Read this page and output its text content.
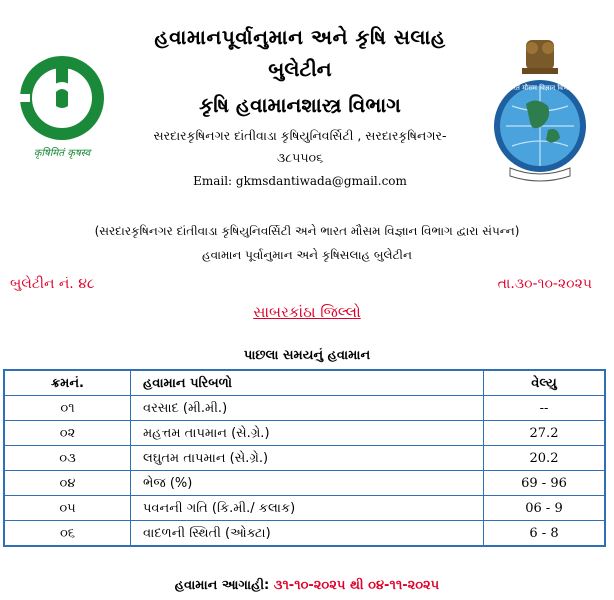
कृषिमितं कृषस्व
હવામાનપૂર્વાનુમાન અને કૃષિ સલાહ
બુલેટીન
કૃષિ હવામાનશાસ્ત્ર વિભાગ
સરદારકૃષિનગર દાંતીવાડા કૃષિયુનિવર્સિટી , સરદારકૃષિનગર-
૩૮૫૫૦૬
Email: gkmsdantiwada@gmail.com
भारत मौसम विज्ञान विभाग
(સરદારકૃષિનગર દાંતીવાડા કૃષિયુનિવર્સિટી અને ભારત મૌસમ વિજ્ઞાન વિભાગ દ્વારા સંપન્ન)
હવામાન પૂર્વાનુમાન અને કૃષિસલાહ બુલેટીન
બુલેટીન નં. ૪૮	તા.૩૦-૧૦-૨૦૨૫
સાબરકાંઠા જિલ્લો
પાછલા સમયનું હવામાન
ક્રમનં.	હવામાન પરિબળો	વેલ્યુ
૦૧	વરસાદ (મી.મી.)	--
૦૨	મહત્તમ તાપમાન (સે.ગ્રે.)	27.2
૦૩	લઘુતમ તાપમાન (સે.ગ્રે.)	20.2
૦૪	ભેજ (%)	69 - 96
૦૫	પવનની ગતિ (કિ.મી./ કલાક)	06 - 9
૦૬	વાદળની સ્થિતી (ઓક્ટા)	6 - 8
હવામાન આગાહી: ૩૧-૧૦-૨૦૨૫ થી ૦૪-૧૧-૨૦૨૫
